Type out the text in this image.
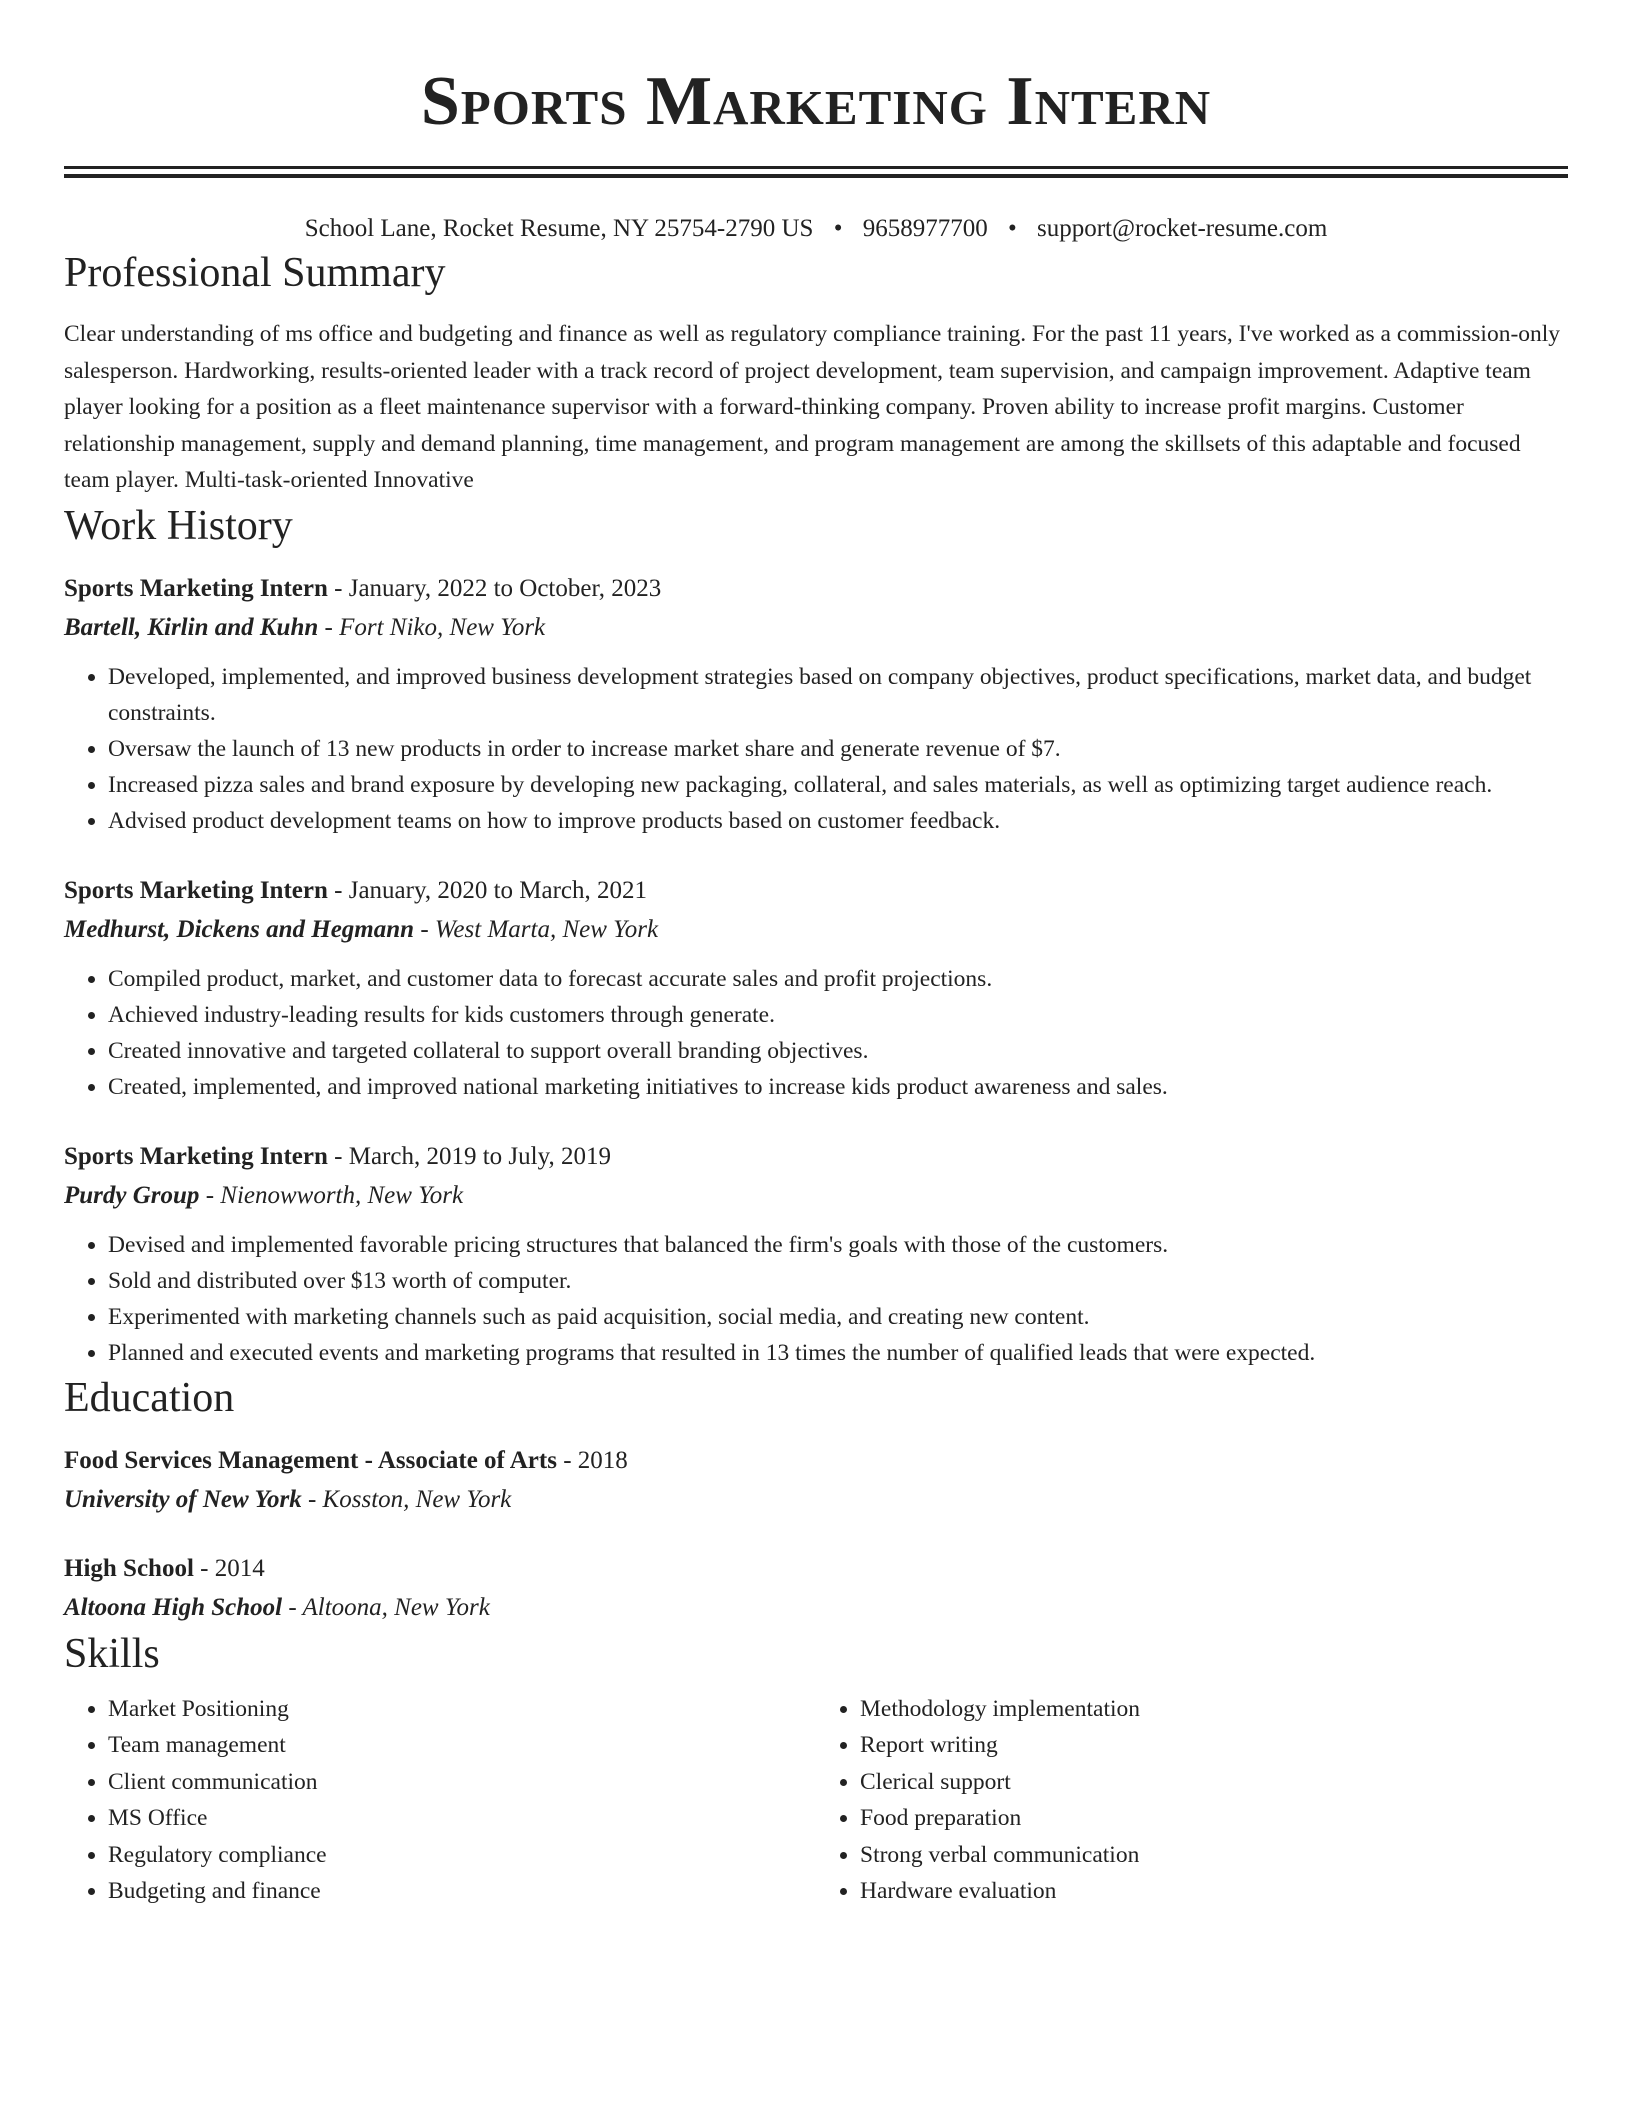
Sports Marketing Intern
School Lane, Rocket Resume, NY 25754-2790 US • 9658977700 • support@rocket-resume.com
Professional Summary

Clear understanding of ms office and budgeting and finance as well as regulatory compliance training. For the past 11 years, I've worked as a commission-only salesperson. Hardworking, results-oriented leader with a track record of project development, team supervision, and campaign improvement. Adaptive team player looking for a position as a fleet maintenance supervisor with a forward-thinking company. Proven ability to increase profit margins. Customer relationship management, supply and demand planning, time management, and program management are among the skillsets of this adaptable and focused team player. Multi-task-oriented Innovative

Work History
Sports Marketing Intern - January, 2022 to October, 2023
Bartell, Kirlin and Kuhn - Fort Niko, New York
• Developed, implemented, and improved business development strategies based on company objectives, product specifications, market data, and budget constraints.
• Oversaw the launch of 13 new products in order to increase market share and generate revenue of $7.
• Increased pizza sales and brand exposure by developing new packaging, collateral, and sales materials, as well as optimizing target audience reach.
• Advised product development teams on how to improve products based on customer feedback.
Sports Marketing Intern - January, 2020 to March, 2021
Medhurst, Dickens and Hegmann - West Marta, New York
• Compiled product, market, and customer data to forecast accurate sales and profit projections.
• Achieved industry-leading results for kids customers through generate.
• Created innovative and targeted collateral to support overall branding objectives.
• Created, implemented, and improved national marketing initiatives to increase kids product awareness and sales.
Sports Marketing Intern - March, 2019 to July, 2019
Purdy Group - Nienowworth, New York
• Devised and implemented favorable pricing structures that balanced the firm's goals with those of the customers.
• Sold and distributed over $13 worth of computer.
• Experimented with marketing channels such as paid acquisition, social media, and creating new content.
• Planned and executed events and marketing programs that resulted in 13 times the number of qualified leads that were expected.
Education
Food Services Management - Associate of Arts - 2018
University of New York - Kosston, New York
High School - 2014
Altoona High School - Altoona, New York
Skills
• Market Positioning
• Team management
• Client communication
• MS Office
• Regulatory compliance
• Budgeting and finance
• Methodology implementation
• Report writing
• Clerical support
• Food preparation
• Strong verbal communication
• Hardware evaluation
